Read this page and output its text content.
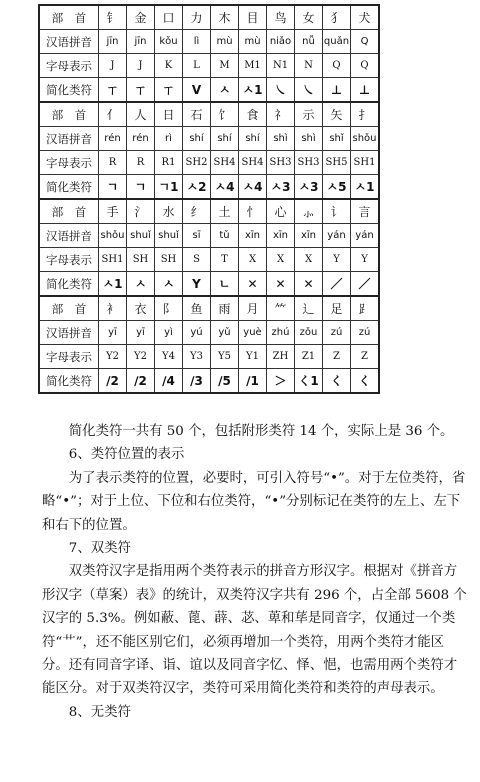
部　首	钅	金	口	力	木	目	鸟	女	犭	犬
汉语拼音	jīn	jīn	kǒu	lì	mù	mù	niǎo	nǚ	quǎn	Q
字母表示	J	J	K	L	M	M1	N1	N	Q	Q
简化类符	ㄒ	ㄒ	ㄒ	V	ㅅ	ㅅ1	㇏	㇏	⊥	⊥
部　首	亻	人	日	石	饣	食	礻	示	矢	扌
汉语拼音	rén	rén	rì	shí	shí	shí	shì	shì	shǐ	shǒu
字母表示	R	R	R1	SH2	SH4	SH4	SH3	SH3	SH5	SH1
简化类符	ㄱ	ㄱ	ㄱ1	ㅅ2	ㅅ4	ㅅ4	ㅅ3	ㅅ3	ㅅ5	ㅅ1
部　首	手	氵	水	纟	土	忄	心	⺗	讠	言
汉语拼音	shǒu	shuǐ	shuǐ	sī	tǔ	xīn	xīn	xīn	yán	yán
字母表示	SH1	SH	SH	S	T	X	X	X	Y	Y
简化类符	ㅅ1	ㅅ	ㅅ	Y	ㄴ	✕	✕	✕	／	／
部　首	衤	衣	阝	鱼	雨	月	⺮	辶	足	⻊
汉语拼音	yī	yī	yì	yú	yǔ	yuè	zhú	zǒu	zú	zú
字母表示	Y2	Y2	Y4	Y3	Y5	Y1	ZH	Z1	Z	Z
简化类符	∕2	∕2	∕4	∕3	∕5	∕1	＞	く1	く	く

简化类符一共有 50 个，包括附形类符 14 个，实际上是 36 个。

6、类符位置的表示

为了表示类符的位置，必要时，可引入符号“•”。对于左位类符，省略“•”；对于上位、下位和右位类符，“•”分别标记在类符的左上、左下和右下的位置。

7、双类符

双类符汉字是指用两个类符表示的拼音方形汉字。根据对《拼音方形汉字（草案）表》的统计，双类符汉字共有 296 个，占全部 5608 个汉字的 5.3%。例如蔽、蓖、薜、苾、萆和荜是同音字，仅通过一个类符“艹”，还不能区别它们，必须再增加一个类符，用两个类符才能区分。还有同音字译、诣、谊以及同音字忆、怿、悒，也需用两个类符才能区分。对于双类符汉字，类符可采用简化类符和类符的声母表示。

8、无类符
